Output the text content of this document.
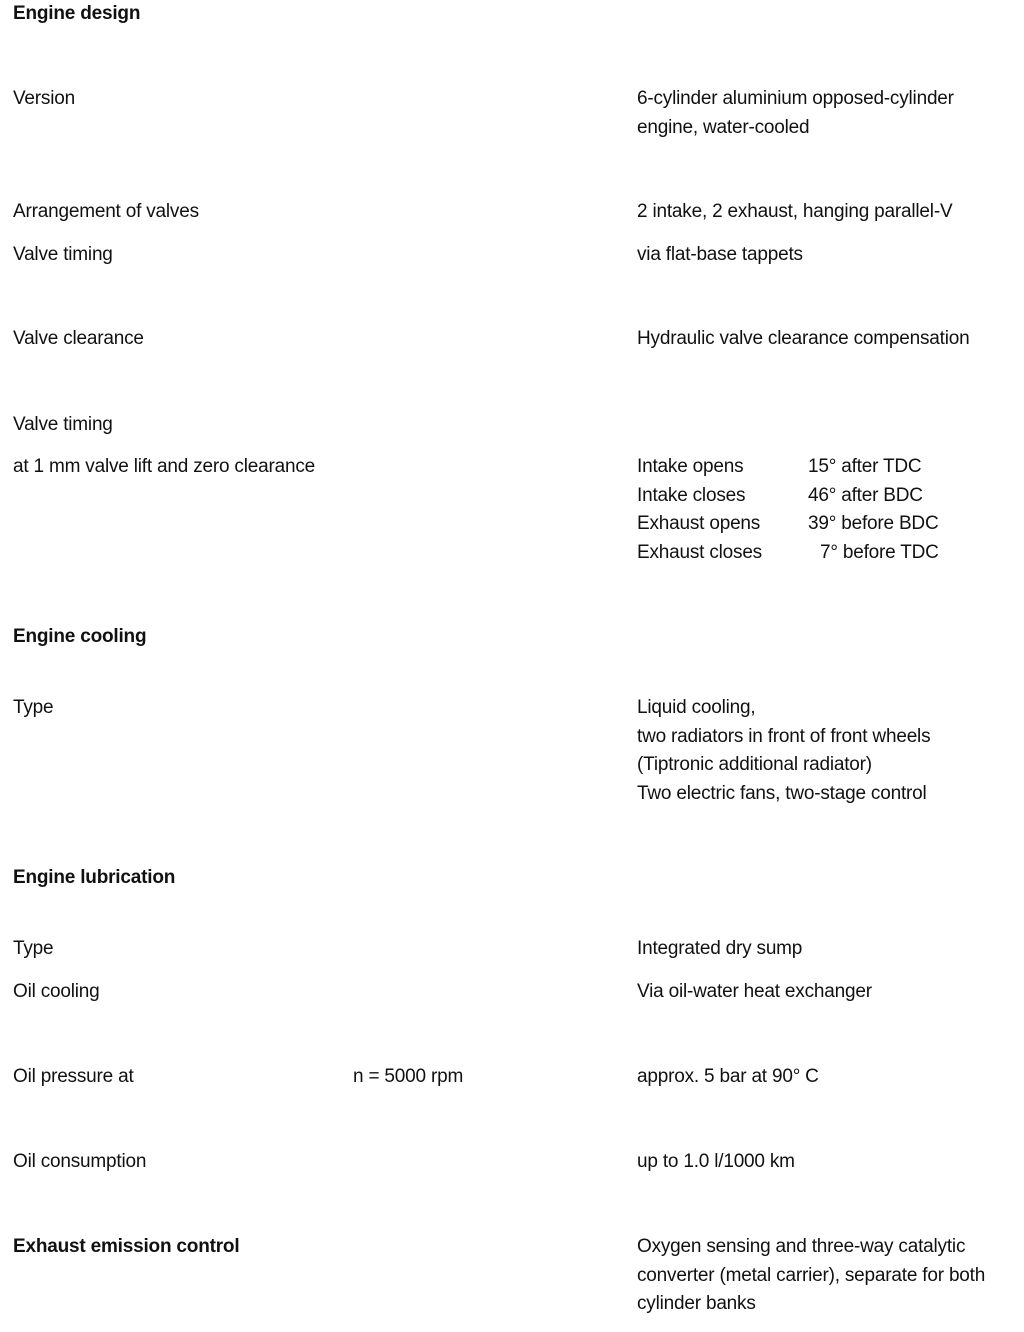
Engine design
Version	6-cylinder aluminium opposed-cylinder
engine, water-cooled
Arrangement of valves	2 intake, 2 exhaust, hanging parallel-V
Valve timing	via flat-base tappets
Valve clearance	Hydraulic valve clearance compensation
Valve timing
at 1 mm valve lift and zero clearance	Intake opens	15° after TDC
Intake closes	46° after BDC
Exhaust opens	39° before BDC
Exhaust closes	7° before TDC
Engine cooling
Type	Liquid cooling,
two radiators in front of front wheels
(Tiptronic additional radiator)
Two electric fans, two-stage control
Engine lubrication
Type	Integrated dry sump
Oil cooling	Via oil-water heat exchanger
Oil pressure at	n = 5000 rpm	approx. 5 bar at 90° C
Oil consumption	up to 1.0 l/1000 km
Exhaust emission control	Oxygen sensing and three-way catalytic
converter (metal carrier), separate for both
cylinder banks
